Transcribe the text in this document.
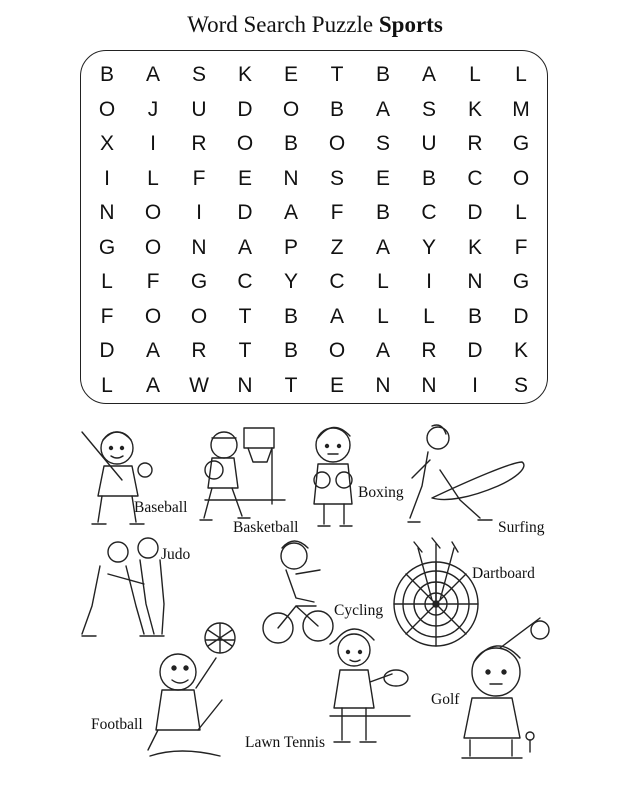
Word Search Puzzle Sports
B	A	S	K	E	T	B	A	L	L
O	J	U	D	O	B	A	S	K	M
X	I	R	O	B	O	S	U	R	G
I	L	F	E	N	S	E	B	C	O
N	O	I	D	A	F	B	C	D	L
G	O	N	A	P	Z	A	Y	K	F
L	F	G	C	Y	C	L	I	N	G
F	O	O	T	B	A	L	L	B	D
D	A	R	T	B	O	A	R	D	K
L	A	W	N	T	E	N	N	I	S
Baseball
Basketball
Boxing
Surfing
Judo
Cycling
Dartboard
Football
Lawn Tennis
Golf
